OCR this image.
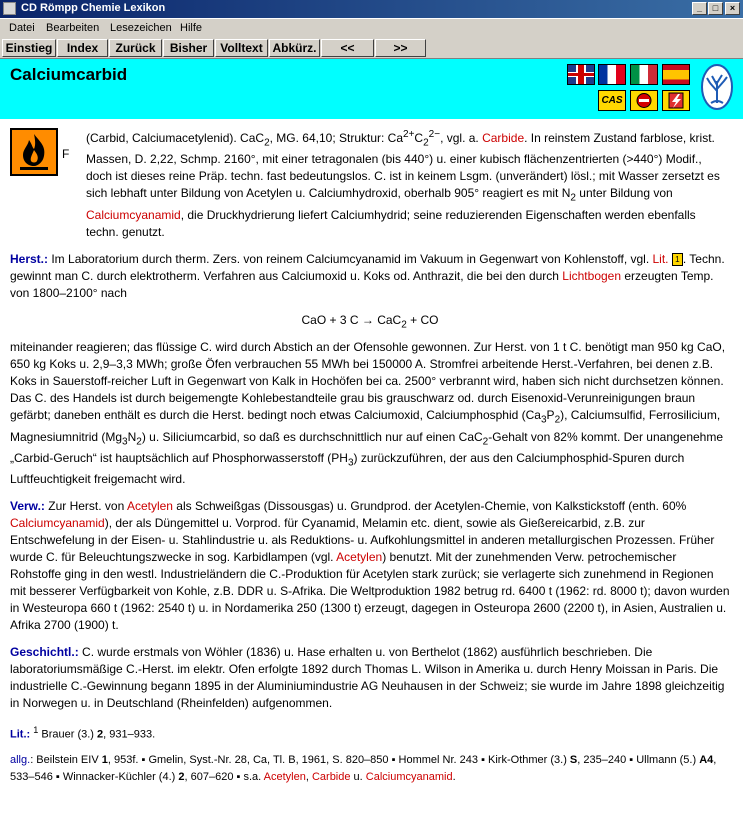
CD Römpp Chemie Lexikon	_	□	×
Datei Bearbeiten Lesezeichen Hilfe
Einstieg	Index	Zurück	Bisher	Volltext Abkürz.	<<	>>
Calciumcarbid
CAS
F

(Carbid, Calciumacetylenid). CaC$_2$, MG. 64,10; Struktur: $Ca^{2+}C_2^{2-}$, vgl. a. Carbide. In reinstem Zustand farblose, krist. Massen, D. 2,22, Schmp. 2160°, mit einer tetragonalen (bis 440°) u. einer kubisch flächenzentrierten (>440°) Modif., doch ist dieses reine Präp. techn. fast bedeutungslos. C. ist in keinem Lsgm. (unverändert) lösl.; mit Wasser zersetzt es sich lebhaft unter Bildung von Acetylen u. Calciumhydroxid, oberhalb 905° reagiert es mit $N_2$ unter Bildung von Calciumcyanamid, die Druckhydrierung liefert Calciumhydrid; seine reduzierenden Eigenschaften werden ebenfalls techn. genutzt.

Herst.: Im Laboratorium durch therm. Zers. von reinem Calciumcyanamid im Vakuum in Gegenwart von Kohlenstoff, vgl. Lit. 1 . Techn. gewinnt man C. durch elektrotherm. Verfahren aus Calciumoxid u. Koks od. Anthrazit, die bei den durch Lichtbogen erzeugten Temp. von 1800–2100° nach

CaO + 3 C → CaC$_2$ + CO

miteinander reagieren; das flüssige C. wird durch Abstich an der Ofensohle gewonnen. Zur Herst. von 1 t C. benötigt man 950 kg CaO, 650 kg Koks u. 2,9–3,3 MWh; große Öfen verbrauchen 55 MWh bei 150000 A. Stromfrei arbeitende Herst.-Verfahren, bei denen z.B. Koks in Sauerstoff-reicher Luft in Gegenwart von Kalk in Hochöfen bei ca. 2500° verbrannt wird, haben sich nicht durchsetzen können. Das C. des Handels ist durch beigemengte Kohlebestandteile grau bis grauschwarz od. durch Eisenoxid-Verunreinigungen braun gefärbt; daneben enthält es durch die Herst. bedingt noch etwas Calciumoxid, Calciumphosphid $(Ca_3P_2)$, Calciumsulfid, Ferrosilicium, Magnesiumnitrid $(Mg_3N_2)$ u. Siliciumcarbid, so daß es durchschnittlich nur auf einen CaC$_2$-Gehalt von 82% kommt. Der unangenehme „Carbid-Geruch“ ist hauptsächlich auf Phosphorwasserstoff $(PH_3)$ zurückzuführen, der aus den Calciumphosphid-Spuren durch Luftfeuchtigkeit freigemacht wird.

Verw.: Zur Herst. von Acetylen als Schweißgas (Dissousgas) u. Grundprod. der Acetylen-Chemie, von Kalkstickstoff (enth. 60% Calciumcyanamid), der als Düngemittel u. Vorprod. für Cyanamid, Melamin etc. dient, sowie als Gießereicarbid, z.B. zur Entschwefelung in der Eisen- u. Stahlindustrie u. als Reduktions- u. Aufkohlungsmittel in anderen metallurgischen Prozessen. Früher wurde C. für Beleuchtungszwecke in sog. Karbidlampen (vgl. Acetylen) benutzt. Mit der zunehmenden Verw. petrochemischer Rohstoffe ging in den westl. Industrieländern die C.-Produktion für Acetylen stark zurück; sie verlagerte sich zunehmend in Regionen mit besserer Verfügbarkeit von Kohle, z.B. DDR u. S-Afrika. Die Weltproduktion 1982 betrug rd. 6400 t (1962: rd. 8000 t); davon wurden in Westeuropa 660 t (1962: 2540 t) u. in Nordamerika 250 (1300 t) erzeugt, dagegen in Osteuropa 2600 (2200 t), in Asien, Australien u. Afrika 2700 (1900) t.

Geschichtl.: C. wurde erstmals von Wöhler (1836) u. Hase erhalten u. von Berthelot (1862) ausführlich beschrieben. Die laboratoriumsmäßige C.-Herst. im elektr. Ofen erfolgte 1892 durch Thomas L. Wilson in Amerika u. durch Henry Moissan in Paris. Die industrielle C.-Gewinnung begann 1895 in der Aluminiumindustrie AG Neuhausen in der Schweiz; sie wurde im Jahre 1898 gleichzeitig in Norwegen u. in Deutschland (Rheinfelden) aufgenommen.

Lit.: $^1$ Brauer (3.) 2, 931–933.

allg.: Beilstein EIV 1, 953f. ▪ Gmelin, Syst.-Nr. 28, Ca, Tl. B, 1961, S. 820–850 ▪ Hommel Nr. 243 ▪ Kirk-Othmer (3.) S, 235–240 ▪ Ullmann (5.) A4, 533–546 ▪ Winnacker-Küchler (4.) 2, 607–620 ▪ s.a. Acetylen, Carbide u. Calciumcyanamid.
